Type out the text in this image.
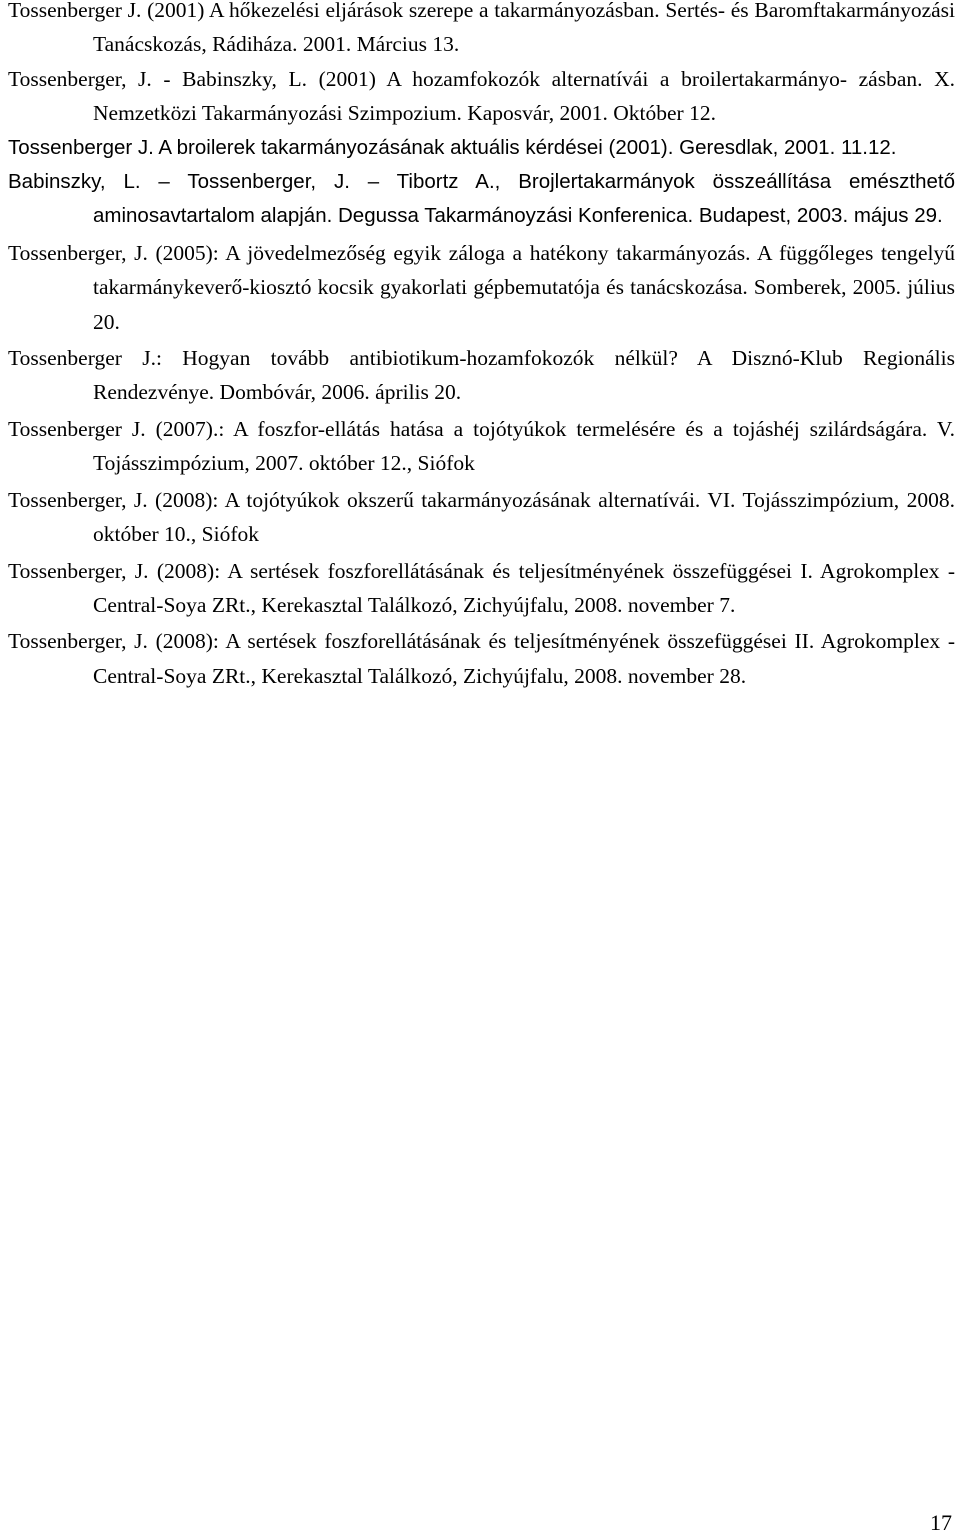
Tossenberger J. (2001) A hőkezelési eljárások szerepe a takarmányozásban. Sertés- és Baromftakarmányozási Tanácskozás, Rádiháza. 2001. Március 13.
Tossenberger, J. - Babinszky, L. (2001) A hozamfokozók alternatívái a broilertakarmányo- zásban. X. Nemzetközi Takarmányozási Szimpozium. Kaposvár, 2001. Október 12.
Tossenberger J. A broilerek takarmányozásának aktuális kérdései (2001). Geresdlak, 2001. 11.12.
Babinszky, L. – Tossenberger, J. – Tibortz A., Brojlertakarmányok összeállítása emészthető aminosavtartalom alapján. Degussa Takarmánoyzási Konferenica. Budapest, 2003. május 29.
Tossenberger, J. (2005): A jövedelmezőség egyik záloga a hatékony takarmányozás. A függőleges tengelyű takarmánykeverő-kiosztó kocsik gyakorlati gépbemutatója és tanácskozása. Somberek, 2005. július 20.
Tossenberger J.: Hogyan tovább antibiotikum-hozamfokozók nélkül? A Disznó-Klub Regionális Rendezvénye. Dombóvár, 2006. április 20.
Tossenberger J. (2007).: A foszfor-ellátás hatása a tojótyúkok termelésére és a tojáshéj szilárdságára. V. Tojásszimpózium, 2007. október 12., Siófok
Tossenberger, J. (2008): A tojótyúkok okszerű takarmányozásának alternatívái. VI. Tojásszimpózium, 2008. október 10., Siófok
Tossenberger, J. (2008): A sertések foszforellátásának és teljesítményének összefüggései I. Agrokomplex - Central-Soya ZRt., Kerekasztal Találkozó, Zichyújfalu, 2008. november 7.
Tossenberger, J. (2008): A sertések foszforellátásának és teljesítményének összefüggései II. Agrokomplex - Central-Soya ZRt., Kerekasztal Találkozó, Zichyújfalu, 2008. november 28.
17
